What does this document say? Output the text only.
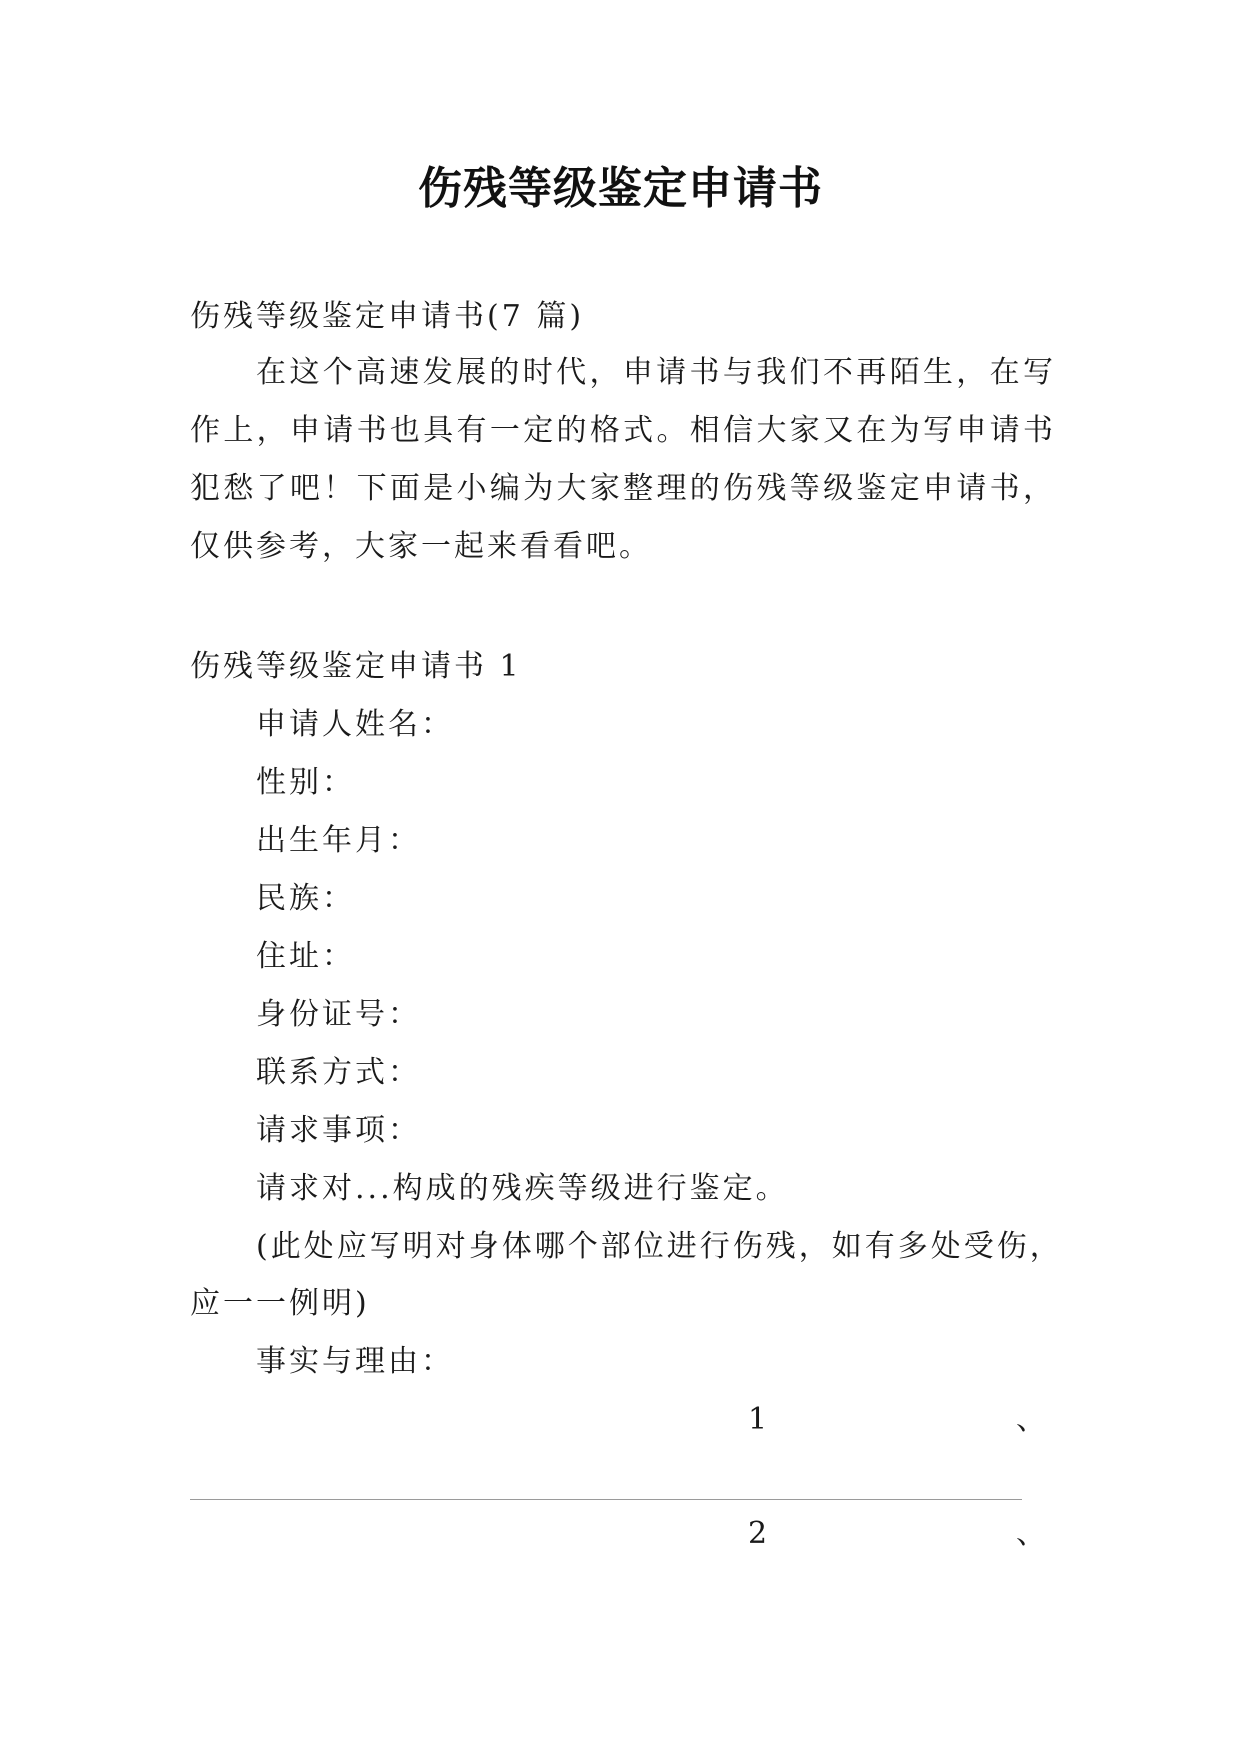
伤残等级鉴定申请书
伤残等级鉴定申请书(7 篇)
在这个高速发展的时代，申请书与我们不再陌生，在写作上，申请书也具有一定的格式。相信大家又在为写申请书犯愁了吧！下面是小编为大家整理的伤残等级鉴定申请书，仅供参考，大家一起来看看吧。
伤残等级鉴定申请书 1
申请人姓名：
性别：
出生年月：
民族：
住址：
身份证号：
联系方式：
请求事项：
请求对...构成的残疾等级进行鉴定。
(此处应写明对身体哪个部位进行伤残，如有多处受伤，
应一一例明)
事实与理由：
1	、
2	、
